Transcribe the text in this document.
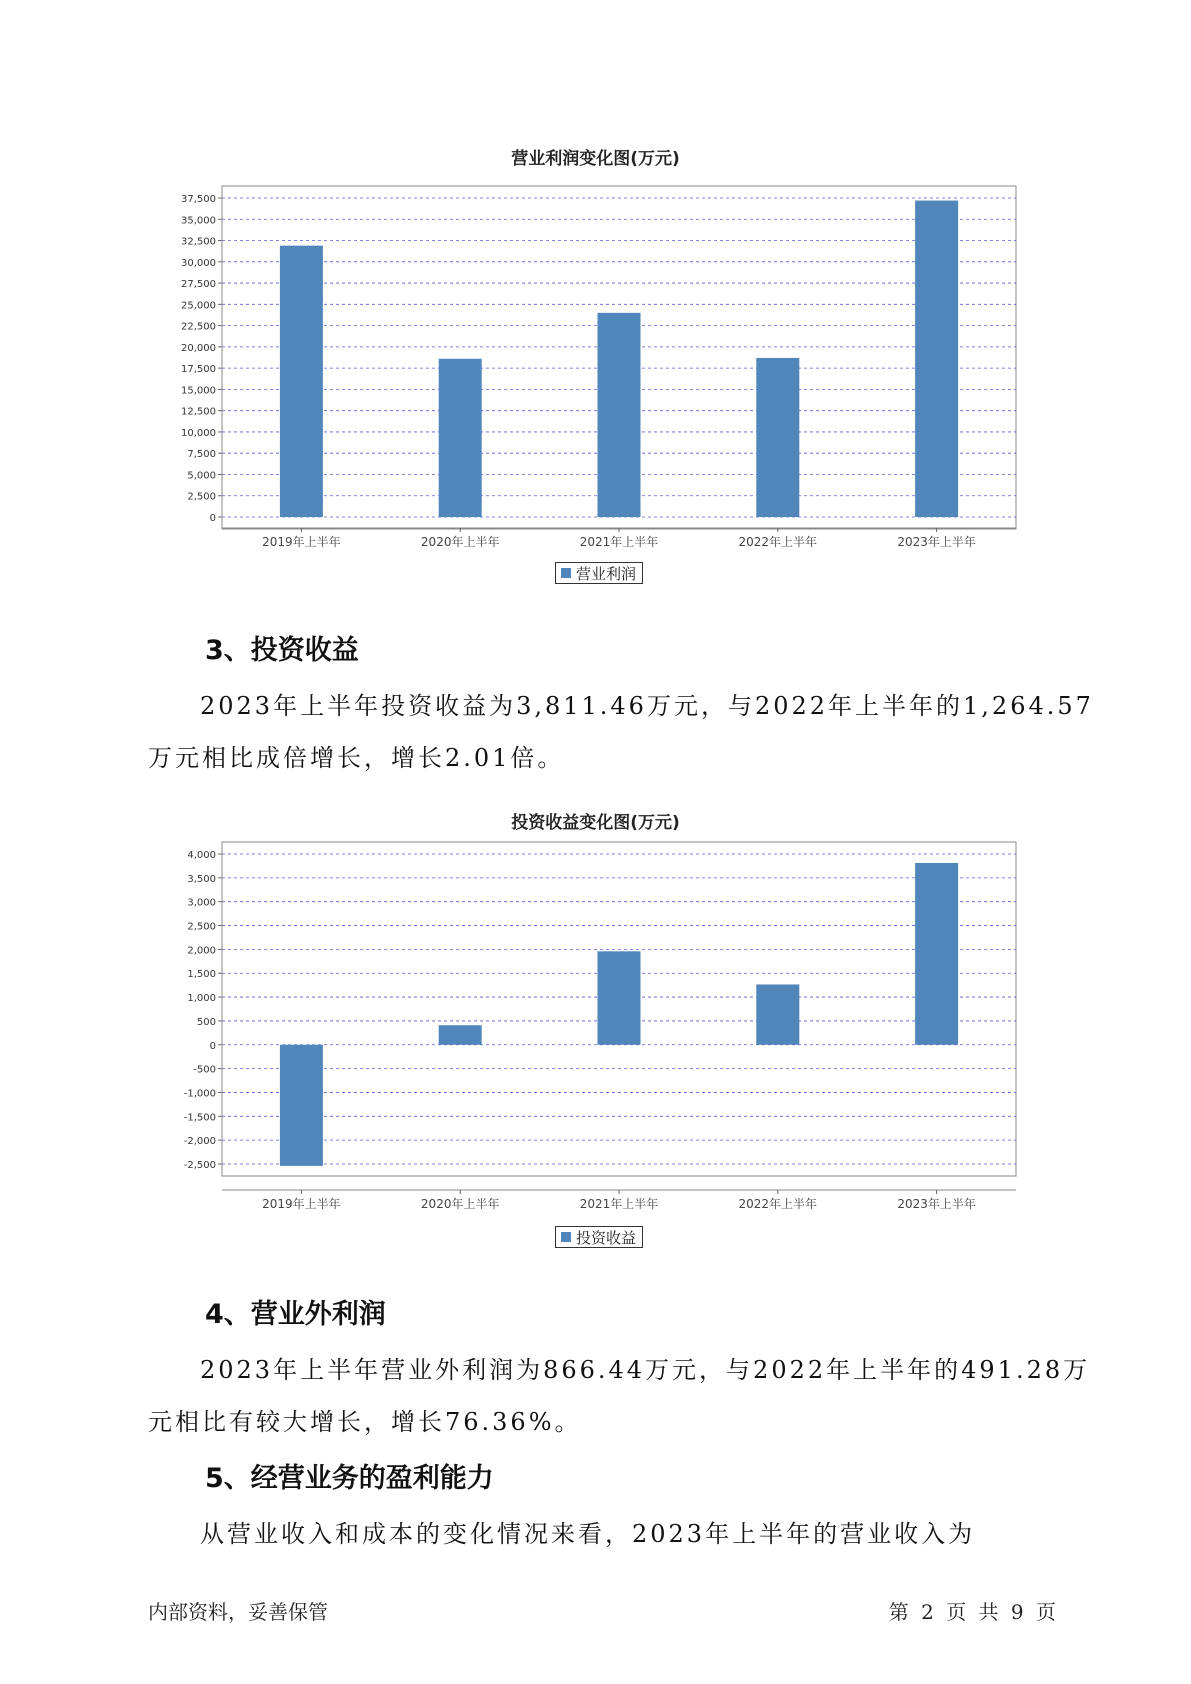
营业利润变化图(万元)
0
2,500
5,000
7,500
10,000
12,500
15,000
17,500
20,000
22,500
25,000
27,500
30,000
32,500
35,000
37,500
2019年上半年	2020年上半年	2021年上半年	2022年上半年	2023年上半年
营业利润
3、投资收益

2023年上半年投资收益为3,811.46万元，与2022年上半年的1,264.57
万元相比成倍增长，增长2.01倍。

投资收益变化图(万元)
-2,500
-2,000
-1,500
-1,000
-500
0
500
1,000
1,500
2,000
2,500
3,000
3,500
4,000
2019年上半年	2020年上半年	2021年上半年	2022年上半年	2023年上半年
投资收益
4、营业外利润

2023年上半年营业外利润为866.44万元，与2022年上半年的491.28万
元相比有较大增长，增长76.36%。

5、经营业务的盈利能力

从营业收入和成本的变化情况来看，2023年上半年的营业收入为

内部资料，妥善保管	第 2 页 共 9 页
